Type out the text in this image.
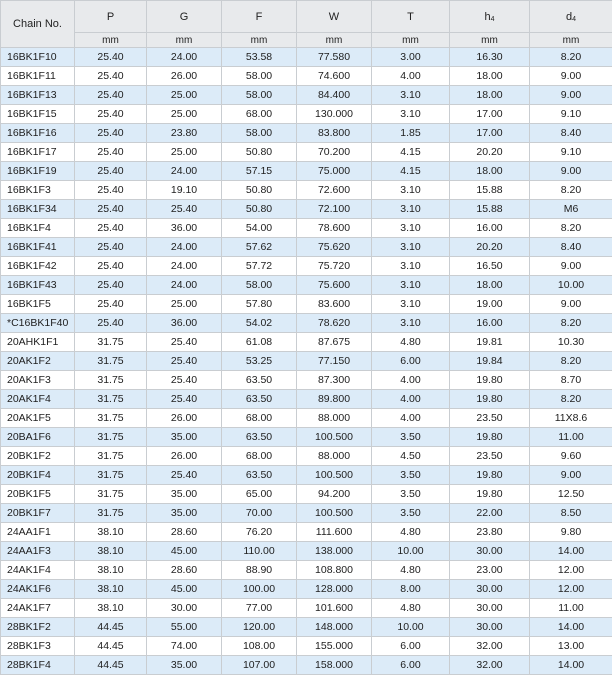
Chain No.	P	G	F	W	T	$h_4$	$d_4$
	mm	mm	mm	mm	mm	mm	mm
16BK1F10	25.40	24.00	53.58	77.580	3.00	16.30	8.20
16BK1F11	25.40	26.00	58.00	74.600	4.00	18.00	9.00
16BK1F13	25.40	25.00	58.00	84.400	3.10	18.00	9.00
16BK1F15	25.40	25.00	68.00	130.000	3.10	17.00	9.10
16BK1F16	25.40	23.80	58.00	83.800	1.85	17.00	8.40
16BK1F17	25.40	25.00	50.80	70.200	4.15	20.20	9.10
16BK1F19	25.40	24.00	57.15	75.000	4.15	18.00	9.00
16BK1F3	25.40	19.10	50.80	72.600	3.10	15.88	8.20
16BK1F34	25.40	25.40	50.80	72.100	3.10	15.88	M6
16BK1F4	25.40	36.00	54.00	78.600	3.10	16.00	8.20
16BK1F41	25.40	24.00	57.62	75.620	3.10	20.20	8.40
16BK1F42	25.40	24.00	57.72	75.720	3.10	16.50	9.00
16BK1F43	25.40	24.00	58.00	75.600	3.10	18.00	10.00
16BK1F5	25.40	25.00	57.80	83.600	3.10	19.00	9.00
*C16BK1F40	25.40	36.00	54.02	78.620	3.10	16.00	8.20
20AHK1F1	31.75	25.40	61.08	87.675	4.80	19.81	10.30
20AK1F2	31.75	25.40	53.25	77.150	6.00	19.84	8.20
20AK1F3	31.75	25.40	63.50	87.300	4.00	19.80	8.70
20AK1F4	31.75	25.40	63.50	89.800	4.00	19.80	8.20
20AK1F5	31.75	26.00	68.00	88.000	4.00	23.50	11X8.6
20BA1F6	31.75	35.00	63.50	100.500	3.50	19.80	11.00
20BK1F2	31.75	26.00	68.00	88.000	4.50	23.50	9.60
20BK1F4	31.75	25.40	63.50	100.500	3.50	19.80	9.00
20BK1F5	31.75	35.00	65.00	94.200	3.50	19.80	12.50
20BK1F7	31.75	35.00	70.00	100.500	3.50	22.00	8.50
24AA1F1	38.10	28.60	76.20	111.600	4.80	23.80	9.80
24AA1F3	38.10	45.00	110.00	138.000	10.00	30.00	14.00
24AK1F4	38.10	28.60	88.90	108.800	4.80	23.00	12.00
24AK1F6	38.10	45.00	100.00	128.000	8.00	30.00	12.00
24AK1F7	38.10	30.00	77.00	101.600	4.80	30.00	11.00
28BK1F2	44.45	55.00	120.00	148.000	10.00	30.00	14.00
28BK1F3	44.45	74.00	108.00	155.000	6.00	32.00	13.00
28BK1F4	44.45	35.00	107.00	158.000	6.00	32.00	14.00
